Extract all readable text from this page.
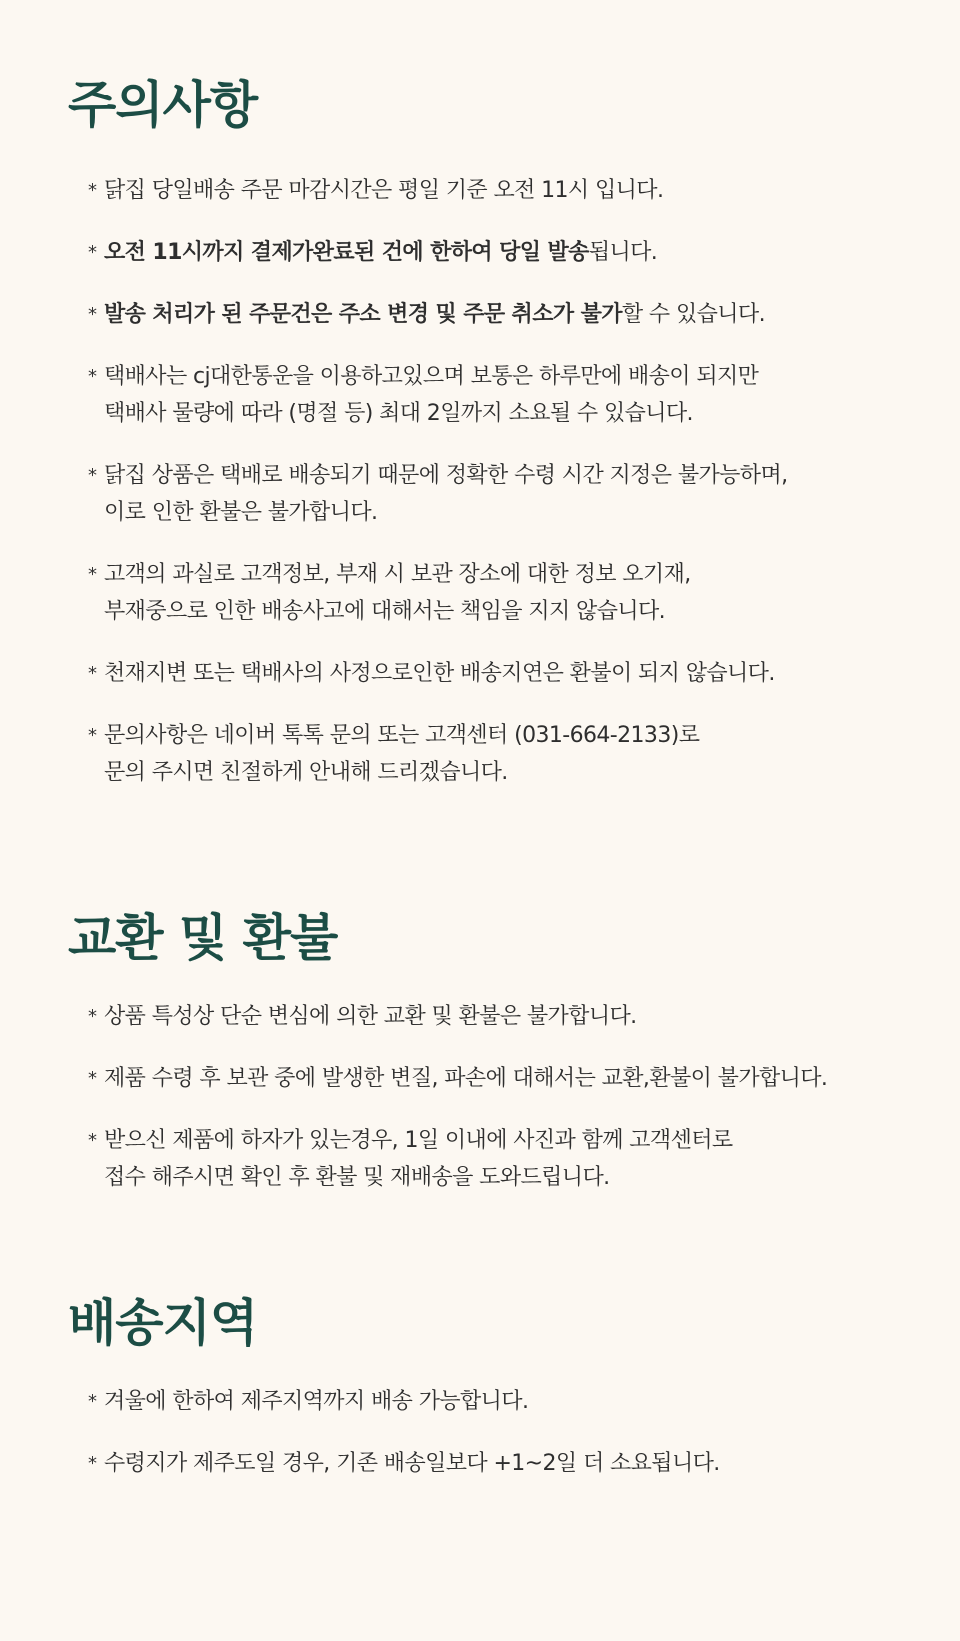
주의사항
* 닭집 당일배송 주문 마감시간은 평일 기준 오전 11시 입니다.
* 오전 11시까지 결제가완료된 건에 한하여 당일 발송됩니다.
* 발송 처리가 된 주문건은 주소 변경 및 주문 취소가 불가할 수 있습니다.
* 택배사는 cj대한통운을 이용하고있으며 보통은 하루만에 배송이 되지만
택배사 물량에 따라 (명절 등) 최대 2일까지 소요될 수 있습니다.
* 닭집 상품은 택배로 배송되기 때문에 정확한 수령 시간 지정은 불가능하며,
이로 인한 환불은 불가합니다.
* 고객의 과실로 고객정보, 부재 시 보관 장소에 대한 정보 오기재,
부재중으로 인한 배송사고에 대해서는 책임을 지지 않습니다.
* 천재지변 또는 택배사의 사정으로인한 배송지연은 환불이 되지 않습니다.
* 문의사항은 네이버 톡톡 문의 또는 고객센터 (031-664-2133)로
문의 주시면 친절하게 안내해 드리겠습니다.
교환 및 환불
* 상품 특성상 단순 변심에 의한 교환 및 환불은 불가합니다.
* 제품 수령 후 보관 중에 발생한 변질, 파손에 대해서는 교환,환불이 불가합니다.
* 받으신 제품에 하자가 있는경우, 1일 이내에 사진과 함께 고객센터로
접수 해주시면 확인 후 환불 및 재배송을 도와드립니다.
배송지역
* 겨울에 한하여 제주지역까지 배송 가능합니다.
* 수령지가 제주도일 경우, 기존 배송일보다 +1~2일 더 소요됩니다.
